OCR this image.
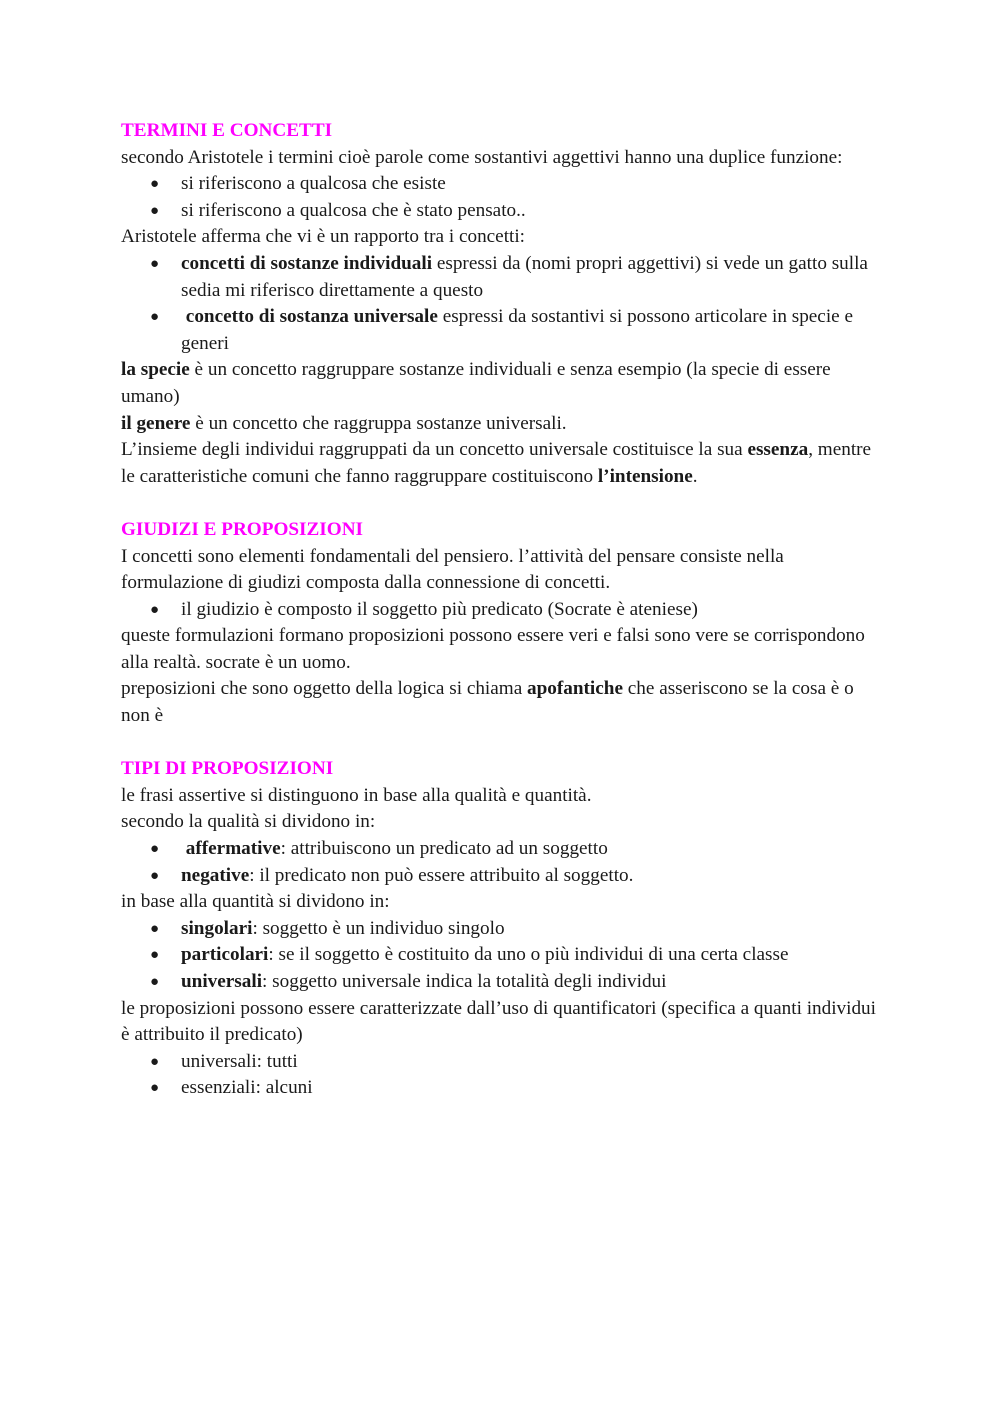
TERMINI E CONCETTI

secondo Aristotele i termini cioè parole come sostantivi aggettivi hanno una duplice funzione:

● si riferiscono a qualcosa che esiste
● si riferiscono a qualcosa che è stato pensato..

Aristotele afferma che vi è un rapporto tra i concetti:

● concetti di sostanze individuali espressi da (nomi propri aggettivi) si vede un gatto sulla sedia mi riferisco direttamente a questo
● concetto di sostanza universale espressi da sostantivi si possono articolare in specie e generi

la specie è un concetto raggruppare sostanze individuali e senza esempio (la specie di essere umano)

il genere è un concetto che raggruppa sostanze universali.

L’insieme degli individui raggruppati da un concetto universale costituisce la sua essenza, mentre le caratteristiche comuni che fanno raggruppare costituiscono l’intensione.

GIUDIZI E PROPOSIZIONI

I concetti sono elementi fondamentali del pensiero. l’attività del pensare consiste nella formulazione di giudizi composta dalla connessione di concetti.

● il giudizio è composto il soggetto più predicato (Socrate è ateniese)

queste formulazioni formano proposizioni possono essere veri e falsi sono vere se corrispondono alla realtà. socrate è un uomo.

preposizioni che sono oggetto della logica si chiama apofantiche che asseriscono se la cosa è o non è

TIPI DI PROPOSIZIONI

le frasi assertive si distinguono in base alla qualità e quantità.

secondo la qualità si dividono in:

● affermative: attribuiscono un predicato ad un soggetto
● negative: il predicato non può essere attribuito al soggetto.

in base alla quantità si dividono in:

● singolari: soggetto è un individuo singolo
● particolari: se il soggetto è costituito da uno o più individui di una certa classe
● universali: soggetto universale indica la totalità degli individui

le proposizioni possono essere caratterizzate dall’uso di quantificatori (specifica a quanti individui è attribuito il predicato)

● universali: tutti
● essenziali: alcuni
